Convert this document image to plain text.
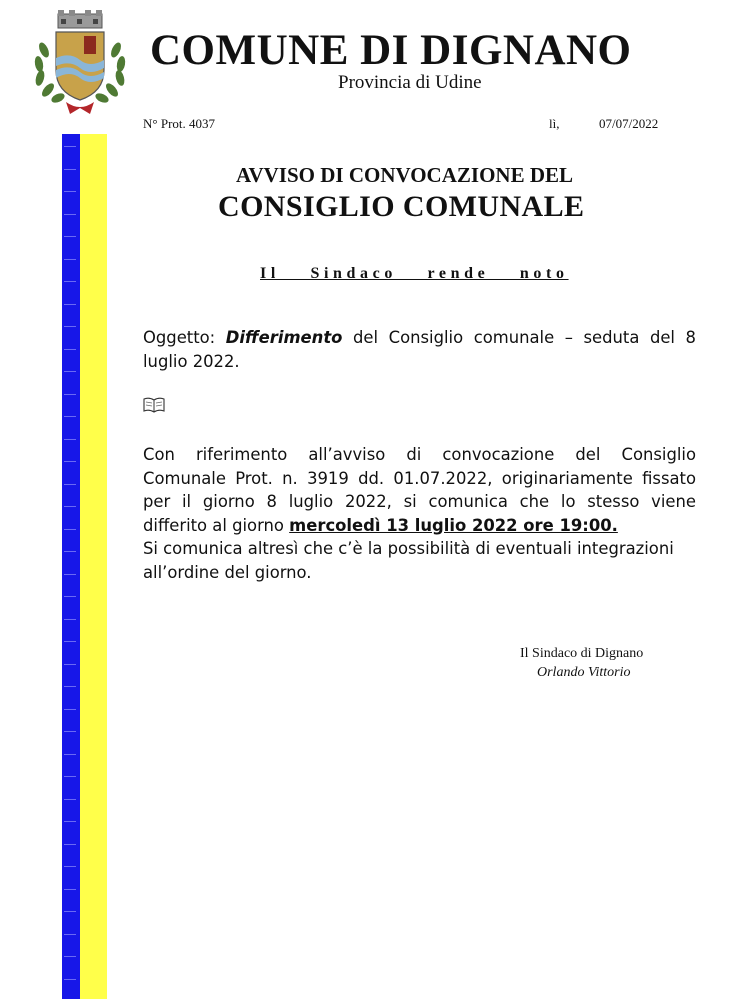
COMUNE DI DIGNANO
Provincia di Udine
N° Prot. 4037	lì,	07/07/2022
AVVISO DI CONVOCAZIONE DEL
CONSIGLIO COMUNALE
Il Sindaco rende noto
Oggetto: Differimento del Consiglio comunale – seduta del 8 luglio 2022.
Con riferimento all’avviso di convocazione del Consiglio
Comunale Prot. n. 3919 dd. 01.07.2022, originariamente fissato
per il giorno 8 luglio 2022, si comunica che lo stesso viene
differito al giorno mercoledì 13 luglio 2022 ore 19:00.
Si comunica altresì che c’è la possibilità di eventuali integrazioni
all’ordine del giorno.
Il Sindaco di Dignano
Orlando Vittorio
